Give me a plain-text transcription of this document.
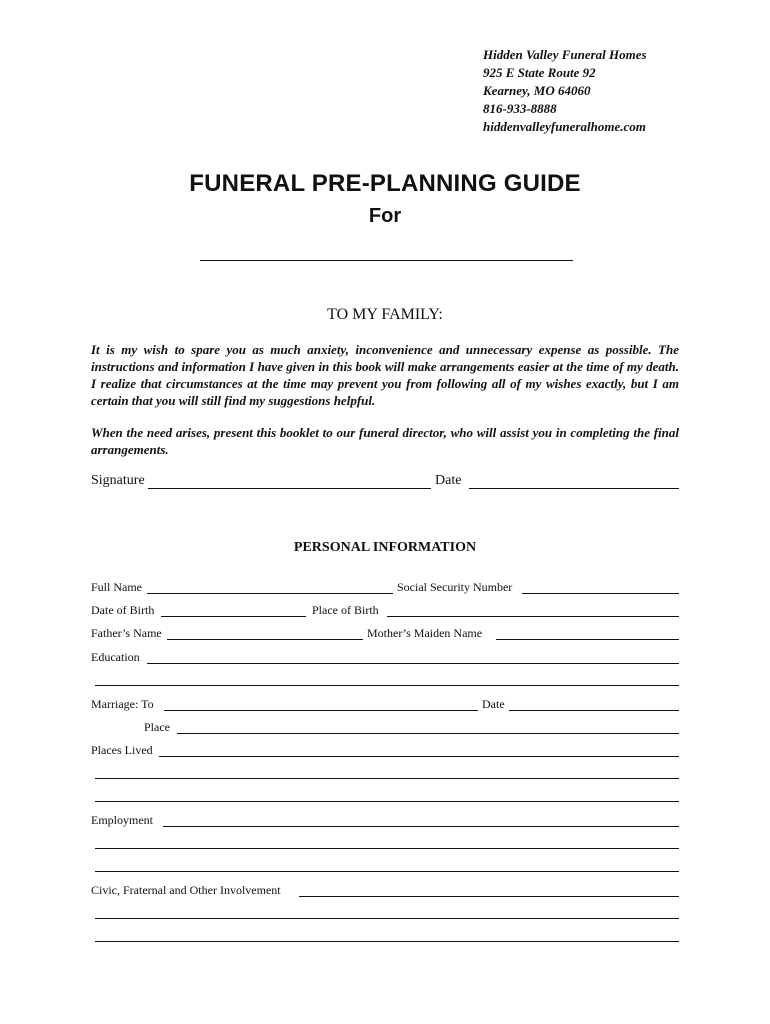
Hidden Valley Funeral Homes
925 E State Route 92
Kearney, MO 64060
816-933-8888
hiddenvalleyfuneralhome.com
FUNERAL PRE-PLANNING GUIDE
For
TO MY FAMILY:
It is my wish to spare you as much anxiety, inconvenience and unnecessary expense as possible. The instructions and information I have given in this book will make arrangements easier at the time of my death. I realize that circumstances at the time may prevent you from following all of my wishes exactly, but I am certain that you will still find my suggestions helpful.
When the need arises, present this booklet to our funeral director, who will assist you in completing the final arrangements.
Signature	Date
PERSONAL INFORMATION
Full Name	Social Security Number
Date of Birth	Place of Birth
Father’s Name	Mother’s Maiden Name
Education
Marriage: To	Date
Place
Places Lived
Employment
Civic, Fraternal and Other Involvement
